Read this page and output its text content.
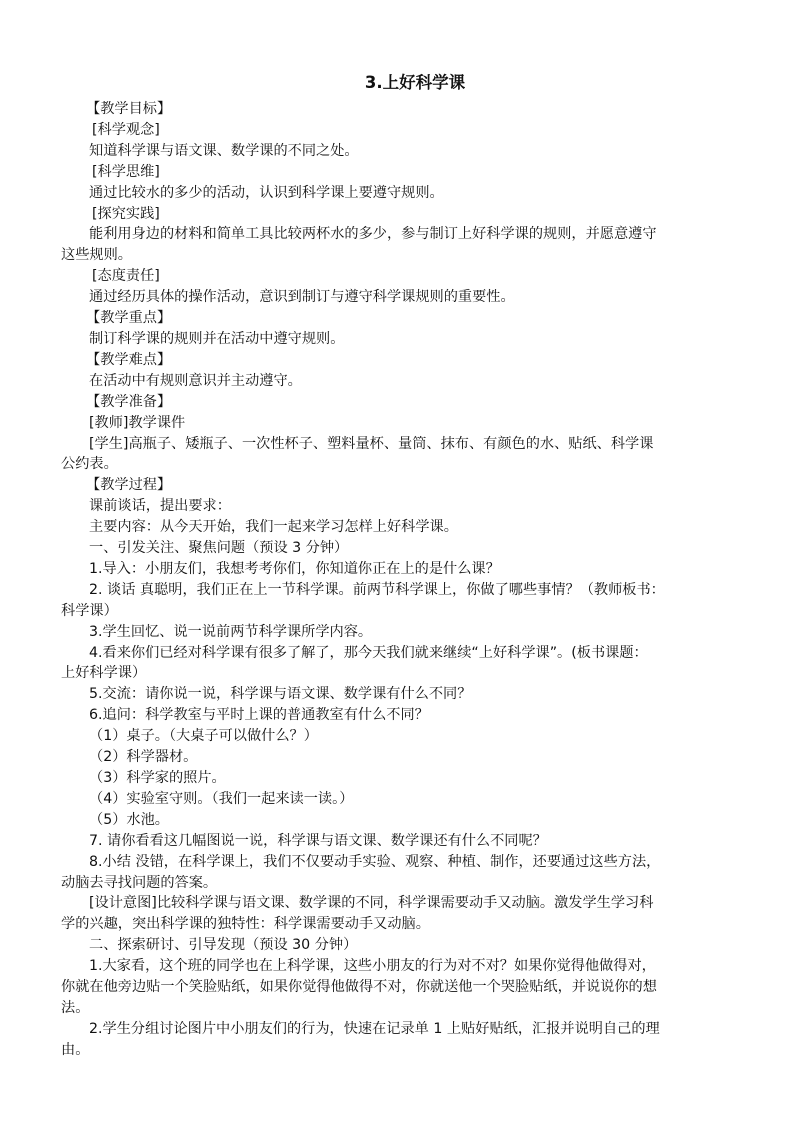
3.上好科学课

【教学目标】

[科学观念]

知道科学课与语文课、数学课的不同之处。

[科学思维]

通过比较水的多少的活动，认识到科学课上要遵守规则。

[探究实践]

能利用身边的材料和简单工具比较两杯水的多少，参与制订上好科学课的规则，并愿意遵守

这些规则。

[态度责任]

通过经历具体的操作活动，意识到制订与遵守科学课规则的重要性。

【教学重点】

制订科学课的规则并在活动中遵守规则。

【教学难点】

在活动中有规则意识并主动遵守。

【教学准备】

[教师]教学课件

[学生]高瓶子、矮瓶子、一次性杯子、塑料量杯、量筒、抹布、有颜色的水、贴纸、科学课

公约表。

【教学过程】

课前谈话，提出要求：

主要内容：从今天开始，我们一起来学习怎样上好科学课。

一、引发关注、聚焦问题（预设 3 分钟）

1.导入：小朋友们，我想考考你们，你知道你正在上的是什么课？

2. 谈话 真聪明，我们正在上一节科学课。前两节科学课上，你做了哪些事情？（教师板书：

科学课）

3.学生回忆、说一说前两节科学课所学内容。

4.看来你们已经对科学课有很多了解了，那今天我们就来继续“上好科学课”。(板书课题：

上好科学课）

5.交流：请你说一说，科学课与语文课、数学课有什么不同？

6.追问：科学教室与平时上课的普通教室有什么不同？

（1）桌子。（大桌子可以做什么？）

（2）科学器材。

（3）科学家的照片。

（4）实验室守则。（我们一起来读一读。）

（5）水池。

7. 请你看看这几幅图说一说，科学课与语文课、数学课还有什么不同呢？

8.小结 没错，在科学课上，我们不仅要动手实验、观察、种植、制作，还要通过这些方法，

动脑去寻找问题的答案。

[设计意图]比较科学课与语文课、数学课的不同，科学课需要动手又动脑。激发学生学习科

学的兴趣，突出科学课的独特性：科学课需要动手又动脑。

二、探索研讨、引导发现（预设 30 分钟）

1.大家看，这个班的同学也在上科学课，这些小朋友的行为对不对？如果你觉得他做得对，

你就在他旁边贴一个笑脸贴纸，如果你觉得他做得不对，你就送他一个哭脸贴纸，并说说你的想

法。

2.学生分组讨论图片中小朋友们的行为，快速在记录单 1 上贴好贴纸，汇报并说明自己的理

由。
